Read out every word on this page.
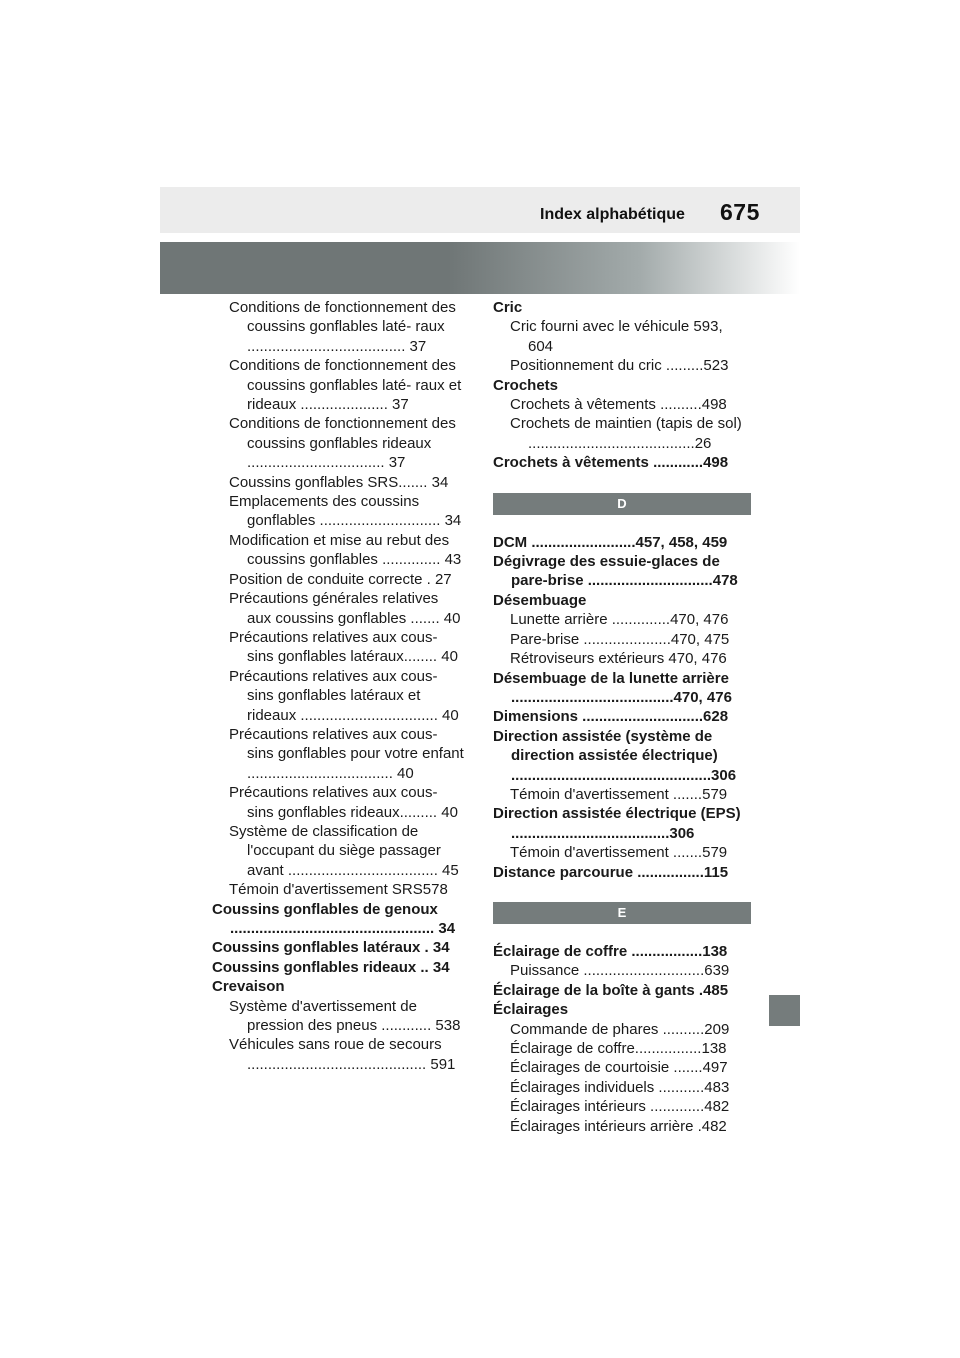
Index alphabétique 675
Conditions de fonctionnement des coussins gonflables laté- raux ...................................... 37
Conditions de fonctionnement des coussins gonflables laté- raux et rideaux ..................... 37
Conditions de fonctionnement des coussins gonflables rideaux ................................. 37
Coussins gonflables SRS....... 34
Emplacements des coussins gonflables ............................. 34
Modification et mise au rebut des coussins gonflables .............. 43
Position de conduite correcte . 27
Précautions générales relatives aux coussins gonflables ....... 40
Précautions relatives aux cous- sins gonflables latéraux........ 40
Précautions relatives aux cous- sins gonflables latéraux et rideaux ................................. 40
Précautions relatives aux cous- sins gonflables pour votre enfant ................................... 40
Précautions relatives aux cous- sins gonflables rideaux......... 40
Système de classification de l'occupant du siège passager avant .................................... 45
Témoin d'avertissement SRS578
Coussins gonflables de genoux ................................................. 34
Coussins gonflables latéraux . 34
Coussins gonflables rideaux .. 34
Crevaison
Système d'avertissement de pression des pneus ............ 538
Véhicules sans roue de secours ........................................... 591
Cric
Cric fourni avec le véhicule 593, 604
Positionnement du cric .........523
Crochets
Crochets à vêtements ..........498
Crochets de maintien (tapis de sol) ........................................26
Crochets à vêtements ............498
D
DCM .........................457, 458, 459
Dégivrage des essuie-glaces de pare-brise ..............................478
Désembuage
Lunette arrière ..............470, 476
Pare-brise .....................470, 475
Rétroviseurs extérieurs 470, 476
Désembuage de la lunette arrière .......................................470, 476
Dimensions .............................628
Direction assistée (système de direction assistée électrique) ................................................306
Témoin d'avertissement .......579
Direction assistée électrique (EPS) ......................................306
Témoin d'avertissement .......579
Distance parcourue ................115
E
Éclairage de coffre .................138
Puissance .............................639
Éclairage de la boîte à gants .485
Éclairages
Commande de phares ..........209
Éclairage de coffre................138
Éclairages de courtoisie .......497
Éclairages individuels ...........483
Éclairages intérieurs .............482
Éclairages intérieurs arrière .482
